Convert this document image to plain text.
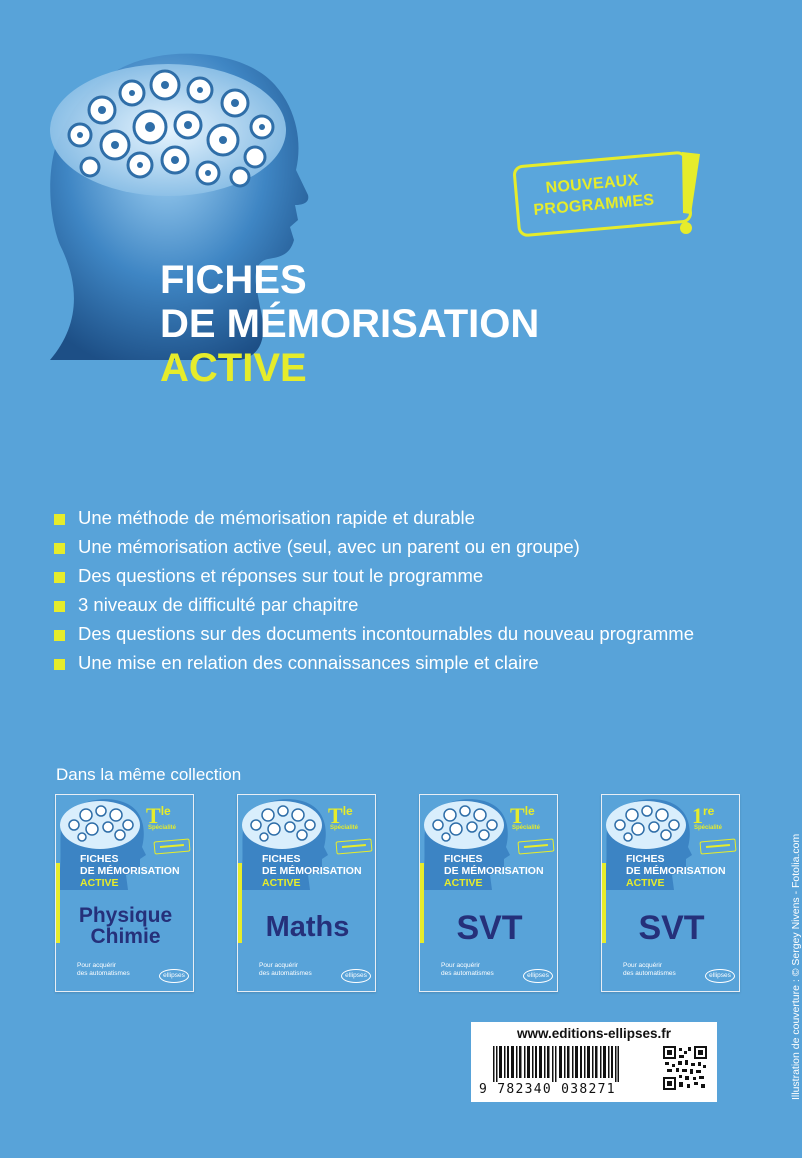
NOUVEAUX
PROGRAMMES
FICHES
DE MÉMORISATION
ACTIVE
Une méthode de mémorisation rapide et durable
Une mémorisation active (seul, avec un parent ou en groupe)
Des questions et réponses sur tout le programme
3 niveaux de difficulté par chapitre
Des questions sur des documents incontournables du nouveau programme
Une mise en relation des connaissances simple et claire
Dans la même collection
$T^{le}$
Spécialité
FICHES
DE MÉMORISATION
ACTIVE
Physique
Chimie
Pour acquérir
des automatismes	ellipses
$T^{le}$
Spécialité
FICHES
DE MÉMORISATION
ACTIVE
Maths
Pour acquérir
des automatismes	ellipses
$T^{le}$
Spécialité
FICHES
DE MÉMORISATION
ACTIVE
SVT
Pour acquérir
des automatismes	ellipses
1re
Spécialité
FICHES
DE MÉMORISATION
ACTIVE
SVT
Pour acquérir
des automatismes	ellipses
www.editions-ellipses.fr
9 782340 038271	Illustration de couverture : © Sergey Nivens - Fotolia.com
